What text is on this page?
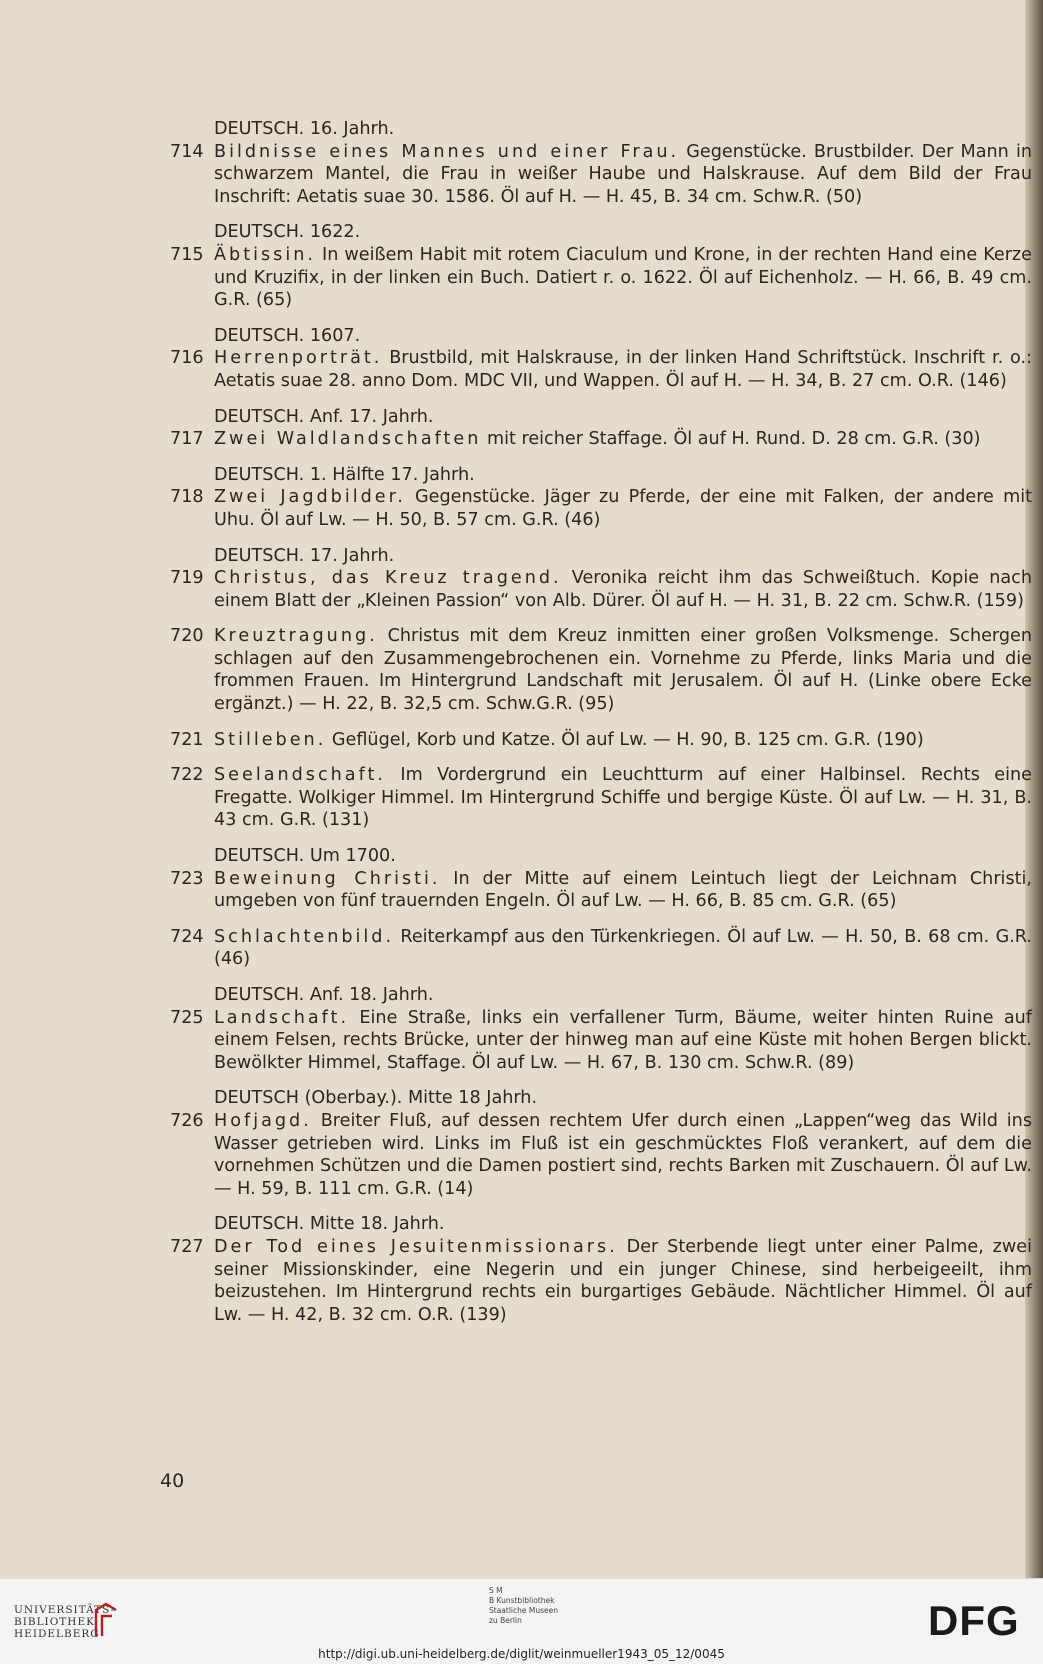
DEUTSCH. 16. Jahrh.
714 Bildnisse eines Mannes und einer Frau. Gegenstücke. Brustbilder. Der Mann in schwarzem Mantel, die Frau in weißer Haube und Halskrause. Auf dem Bild der Frau Inschrift: Aetatis suae 30. 1586. Öl auf H. — H. 45, B. 34 cm. Schw.R. (50)
DEUTSCH. 1622.
715 Äbtissin. In weißem Habit mit rotem Ciaculum und Krone, in der rechten Hand eine Kerze und Kruzifix, in der linken ein Buch. Datiert r. o. 1622. Öl auf Eichenholz. — H. 66, B. 49 cm. G.R. (65)
DEUTSCH. 1607.
716 Herrenporträt. Brustbild, mit Halskrause, in der linken Hand Schriftstück. Inschrift r. o.: Aetatis suae 28. anno Dom. MDC VII, und Wappen. Öl auf H. — H. 34, B. 27 cm. O.R. (146)
DEUTSCH. Anf. 17. Jahrh.
717 Zwei Waldlandschaften mit reicher Staffage. Öl auf H. Rund. D. 28 cm. G.R. (30)
DEUTSCH. 1. Hälfte 17. Jahrh.
718 Zwei Jagdbilder. Gegenstücke. Jäger zu Pferde, der eine mit Falken, der andere mit Uhu. Öl auf Lw. — H. 50, B. 57 cm. G.R. (46)
DEUTSCH. 17. Jahrh.
719 Christus, das Kreuz tragend. Veronika reicht ihm das Schweißtuch. Kopie nach einem Blatt der „Kleinen Passion“ von Alb. Dürer. Öl auf H. — H. 31, B. 22 cm. Schw.R. (159)
720 Kreuztragung. Christus mit dem Kreuz inmitten einer großen Volksmenge. Schergen schlagen auf den Zusammengebrochenen ein. Vornehme zu Pferde, links Maria und die frommen Frauen. Im Hintergrund Landschaft mit Jerusalem. Öl auf H. (Linke obere Ecke ergänzt.) — H. 22, B. 32,5 cm. Schw.G.R. (95)
721 Stilleben. Geflügel, Korb und Katze. Öl auf Lw. — H. 90, B. 125 cm. G.R. (190)
722 Seelandschaft. Im Vordergrund ein Leuchtturm auf einer Halbinsel. Rechts eine Fregatte. Wolkiger Himmel. Im Hintergrund Schiffe und bergige Küste. Öl auf Lw. — H. 31, B. 43 cm. G.R. (131)
DEUTSCH. Um 1700.
723 Beweinung Christi. In der Mitte auf einem Leintuch liegt der Leichnam Christi, umgeben von fünf trauernden Engeln. Öl auf Lw. — H. 66, B. 85 cm. G.R. (65)
724 Schlachtenbild. Reiterkampf aus den Türkenkriegen. Öl auf Lw. — H. 50, B. 68 cm. G.R. (46)
DEUTSCH. Anf. 18. Jahrh.
725 Landschaft. Eine Straße, links ein verfallener Turm, Bäume, weiter hinten Ruine auf einem Felsen, rechts Brücke, unter der hinweg man auf eine Küste mit hohen Bergen blickt. Bewölkter Himmel, Staffage. Öl auf Lw. — H. 67, B. 130 cm. Schw.R. (89)
DEUTSCH (Oberbay.). Mitte 18 Jahrh.
726 Hofjagd. Breiter Fluß, auf dessen rechtem Ufer durch einen „Lappen“weg das Wild ins Wasser getrieben wird. Links im Fluß ist ein geschmücktes Floß verankert, auf dem die vornehmen Schützen und die Damen postiert sind, rechts Barken mit Zuschauern. Öl auf Lw. — H. 59, B. 111 cm. G.R. (14)
DEUTSCH. Mitte 18. Jahrh.
727 Der Tod eines Jesuitenmissionars. Der Sterbende liegt unter einer Palme, zwei seiner Missionskinder, eine Negerin und ein junger Chinese, sind herbeigeeilt, ihm beizustehen. Im Hintergrund rechts ein burgartiges Gebäude. Nächtlicher Himmel. Öl auf Lw. — H. 42, B. 32 cm. O.R. (139)
40
UNIVERSITÄTS-
BIBLIOTHEK
HEIDELBERG
S M
B Kunstbibliothek
Staatliche Museen
zu Berlin	DFG
http://digi.ub.uni-heidelberg.de/diglit/weinmueller1943_05_12/0045
